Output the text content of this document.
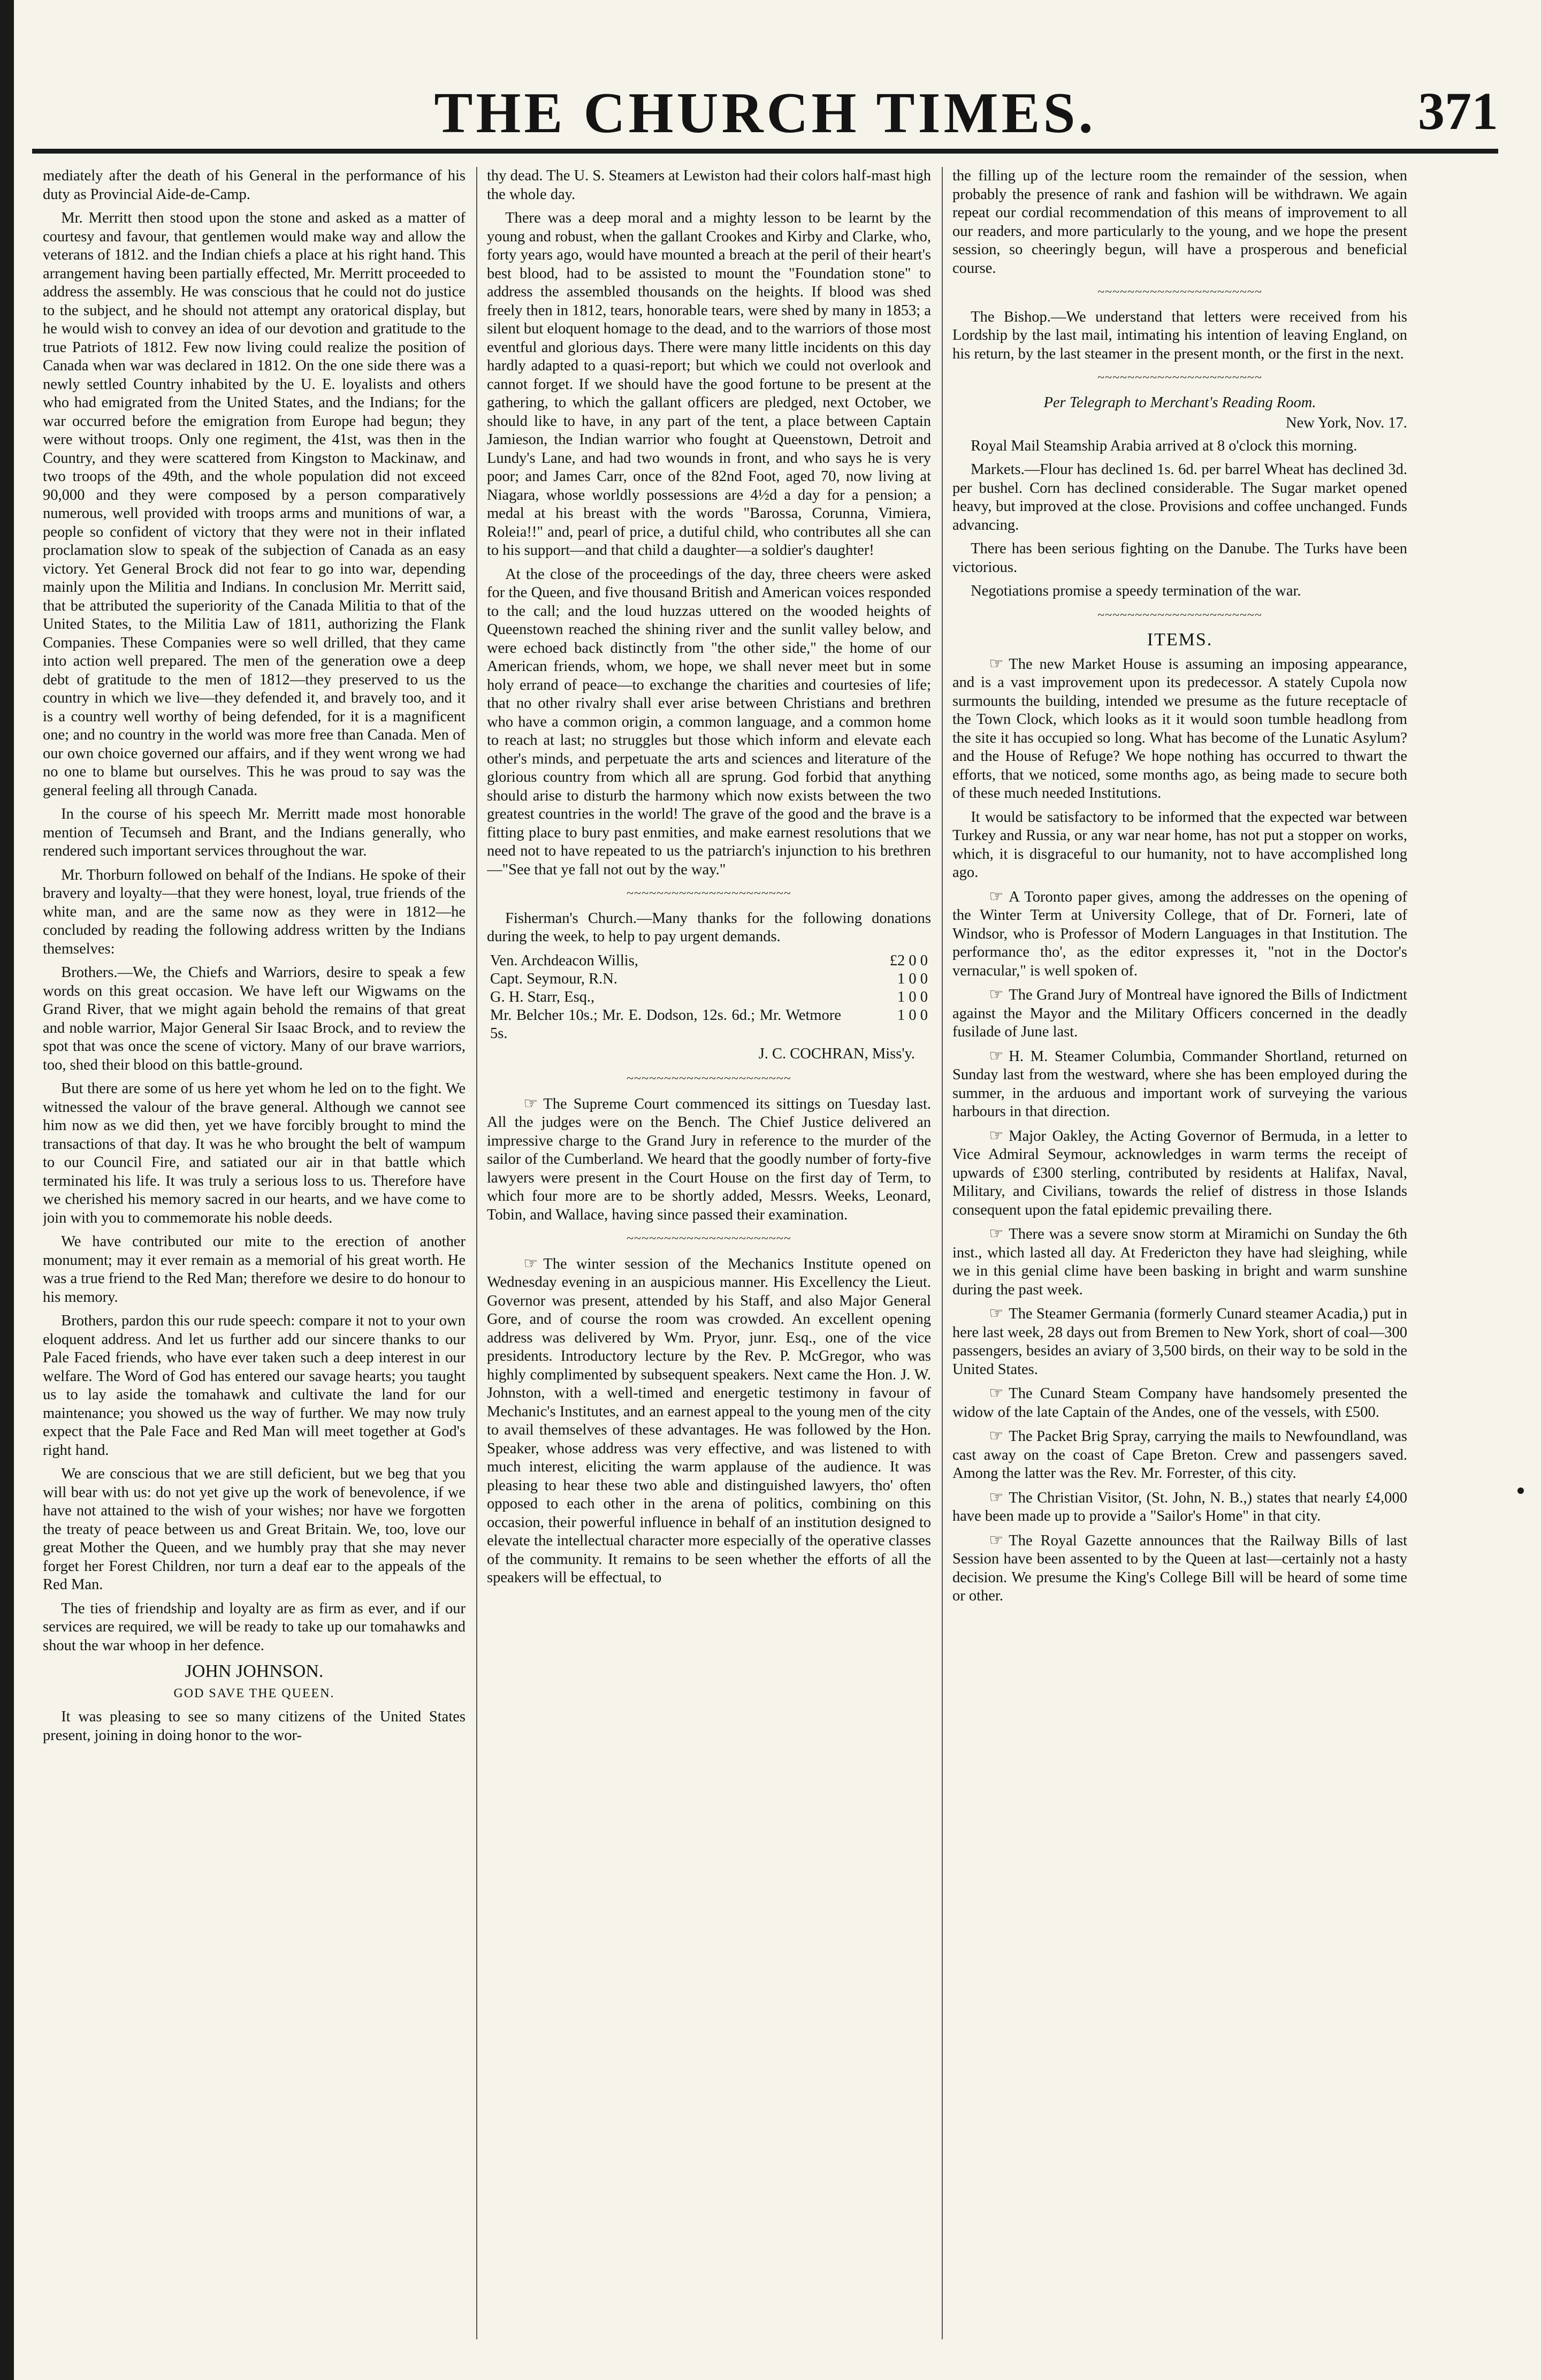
THE CHURCH TIMES.	371

mediately after the death of his General in the performance of his duty as Provincial Aide-de-Camp.

Mr. Merritt then stood upon the stone and asked as a matter of courtesy and favour, that gentlemen would make way and allow the veterans of 1812. and the Indian chiefs a place at his right hand. This arrangement having been partially effected, Mr. Merritt proceeded to address the assembly. He was conscious that he could not do justice to the subject, and he should not attempt any oratorical display, but he would wish to convey an idea of our devotion and gratitude to the true Patriots of 1812. Few now living could realize the position of Canada when war was declared in 1812. On the one side there was a newly settled Country inhabited by the U. E. loyalists and others who had emigrated from the United States, and the Indians; for the war occurred before the emigration from Europe had begun; they were without troops. Only one regiment, the 41st, was then in the Country, and they were scattered from Kingston to Mackinaw, and two troops of the 49th, and the whole population did not exceed 90,000 and they were composed by a person comparatively numerous, well provided with troops arms and munitions of war, a people so confident of victory that they were not in their inflated proclamation slow to speak of the subjection of Canada as an easy victory. Yet General Brock did not fear to go into war, depending mainly upon the Militia and Indians. In conclusion Mr. Merritt said, that be attributed the superiority of the Canada Militia to that of the United States, to the Militia Law of 1811, authorizing the Flank Companies. These Companies were so well drilled, that they came into action well prepared. The men of the generation owe a deep debt of gratitude to the men of 1812—they preserved to us the country in which we live—they defended it, and bravely too, and it is a country well worthy of being defended, for it is a magnificent one; and no country in the world was more free than Canada. Men of our own choice governed our affairs, and if they went wrong we had no one to blame but ourselves. This he was proud to say was the general feeling all through Canada.

In the course of his speech Mr. Merritt made most honorable mention of Tecumseh and Brant, and the Indians generally, who rendered such important services throughout the war.

Mr. Thorburn followed on behalf of the Indians. He spoke of their bravery and loyalty—that they were honest, loyal, true friends of the white man, and are the same now as they were in 1812—he concluded by reading the following address written by the Indians themselves:

Brothers.—We, the Chiefs and Warriors, desire to speak a few words on this great occasion. We have left our Wigwams on the Grand River, that we might again behold the remains of that great and noble warrior, Major General Sir Isaac Brock, and to review the spot that was once the scene of victory. Many of our brave warriors, too, shed their blood on this battle-ground.

But there are some of us here yet whom he led on to the fight. We witnessed the valour of the brave general. Although we cannot see him now as we did then, yet we have forcibly brought to mind the transactions of that day. It was he who brought the belt of wampum to our Council Fire, and satiated our air in that battle which terminated his life. It was truly a serious loss to us. Therefore have we cherished his memory sacred in our hearts, and we have come to join with you to commemorate his noble deeds.

We have contributed our mite to the erection of another monument; may it ever remain as a memorial of his great worth. He was a true friend to the Red Man; therefore we desire to do honour to his memory.

Brothers, pardon this our rude speech: compare it not to your own eloquent address. And let us further add our sincere thanks to our Pale Faced friends, who have ever taken such a deep interest in our welfare. The Word of God has entered our savage hearts; you taught us to lay aside the tomahawk and cultivate the land for our maintenance; you showed us the way of further. We may now truly expect that the Pale Face and Red Man will meet together at God's right hand.

We are conscious that we are still deficient, but we beg that you will bear with us: do not yet give up the work of benevolence, if we have not attained to the wish of your wishes; nor have we forgotten the treaty of peace between us and Great Britain. We, too, love our great Mother the Queen, and we humbly pray that she may never forget her Forest Children, nor turn a deaf ear to the appeals of the Red Man.

The ties of friendship and loyalty are as firm as ever, and if our services are required, we will be ready to take up our tomahawks and shout the war whoop in her defence.

JOHN JOHNSON.
GOD SAVE THE QUEEN.

It was pleasing to see so many citizens of the United States present, joining in doing honor to the wor-

thy dead. The U. S. Steamers at Lewiston had their colors half-mast high the whole day.

There was a deep moral and a mighty lesson to be learnt by the young and robust, when the gallant Crookes and Kirby and Clarke, who, forty years ago, would have mounted a breach at the peril of their heart's best blood, had to be assisted to mount the "Foundation stone" to address the assembled thousands on the heights. If blood was shed freely then in 1812, tears, honorable tears, were shed by many in 1853; a silent but eloquent homage to the dead, and to the warriors of those most eventful and glorious days. There were many little incidents on this day hardly adapted to a quasi-report; but which we could not overlook and cannot forget. If we should have the good fortune to be present at the gathering, to which the gallant officers are pledged, next October, we should like to have, in any part of the tent, a place between Captain Jamieson, the Indian warrior who fought at Queenstown, Detroit and Lundy's Lane, and had two wounds in front, and who says he is very poor; and James Carr, once of the 82nd Foot, aged 70, now living at Niagara, whose worldly possessions are 4½d a day for a pension; a medal at his breast with the words "Barossa, Corunna, Vimiera, Roleia!!" and, pearl of price, a dutiful child, who contributes all she can to his support—and that child a daughter—a soldier's daughter!

At the close of the proceedings of the day, three cheers were asked for the Queen, and five thousand British and American voices responded to the call; and the loud huzzas uttered on the wooded heights of Queenstown reached the shining river and the sunlit valley below, and were echoed back distinctly from "the other side," the home of our American friends, whom, we hope, we shall never meet but in some holy errand of peace—to exchange the charities and courtesies of life; that no other rivalry shall ever arise between Christians and brethren who have a common origin, a common language, and a common home to reach at last; no struggles but those which inform and elevate each other's minds, and perpetuate the arts and sciences and literature of the glorious country from which all are sprung. God forbid that anything should arise to disturb the harmony which now exists between the two greatest countries in the world! The grave of the good and the brave is a fitting place to bury past enmities, and make earnest resolutions that we need not to have repeated to us the patriarch's injunction to his brethren—"See that ye fall not out by the way."

~~~~~~~~~~~~~~~~~~~~~~

Fisherman's Church.—Many thanks for the following donations during the week, to help to pay urgent demands.

Ven. Archdeacon Willis,	£2 0 0
Capt. Seymour, R.N.	1 0 0
G. H. Starr, Esq.,	1 0 0
Mr. Belcher 10s.; Mr. E. Dodson, 12s. 6d.; Mr. Wetmore 5s.	1 0 0
J. C. COCHRAN, Miss'y.
~~~~~~~~~~~~~~~~~~~~~~

☞ The Supreme Court commenced its sittings on Tuesday last. All the judges were on the Bench. The Chief Justice delivered an impressive charge to the Grand Jury in reference to the murder of the sailor of the Cumberland. We heard that the goodly number of forty-five lawyers were present in the Court House on the first day of Term, to which four more are to be shortly added, Messrs. Weeks, Leonard, Tobin, and Wallace, having since passed their examination.

~~~~~~~~~~~~~~~~~~~~~~

☞ The winter session of the Mechanics Institute opened on Wednesday evening in an auspicious manner. His Excellency the Lieut. Governor was present, attended by his Staff, and also Major General Gore, and of course the room was crowded. An excellent opening address was delivered by Wm. Pryor, junr. Esq., one of the vice presidents. Introductory lecture by the Rev. P. McGregor, who was highly complimented by subsequent speakers. Next came the Hon. J. W. Johnston, with a well-timed and energetic testimony in favour of Mechanic's Institutes, and an earnest appeal to the young men of the city to avail themselves of these advantages. He was followed by the Hon. Speaker, whose address was very effective, and was listened to with much interest, eliciting the warm applause of the audience. It was pleasing to hear these two able and distinguished lawyers, tho' often opposed to each other in the arena of politics, combining on this occasion, their powerful influence in behalf of an institution designed to elevate the intellectual character more especially of the operative classes of the community. It remains to be seen whether the efforts of all the speakers will be effectual, to

the filling up of the lecture room the remainder of the session, when probably the presence of rank and fashion will be withdrawn. We again repeat our cordial recommendation of this means of improvement to all our readers, and more particularly to the young, and we hope the present session, so cheeringly begun, will have a prosperous and beneficial course.

~~~~~~~~~~~~~~~~~~~~~~

The Bishop.—We understand that letters were received from his Lordship by the last mail, intimating his intention of leaving England, on his return, by the last steamer in the present month, or the first in the next.

~~~~~~~~~~~~~~~~~~~~~~
Per Telegraph to Merchant's Reading Room.
New York, Nov. 17.

Royal Mail Steamship Arabia arrived at 8 o'clock this morning.

Markets.—Flour has declined 1s. 6d. per barrel Wheat has declined 3d. per bushel. Corn has declined considerable. The Sugar market opened heavy, but improved at the close. Provisions and coffee unchanged. Funds advancing.

There has been serious fighting on the Danube. The Turks have been victorious.

Negotiations promise a speedy termination of the war.

~~~~~~~~~~~~~~~~~~~~~~
ITEMS.

☞ The new Market House is assuming an imposing appearance, and is a vast improvement upon its predecessor. A stately Cupola now surmounts the building, intended we presume as the future receptacle of the Town Clock, which looks as it it would soon tumble headlong from the site it has occupied so long. What has become of the Lunatic Asylum? and the House of Refuge? We hope nothing has occurred to thwart the efforts, that we noticed, some months ago, as being made to secure both of these much needed Institutions.

It would be satisfactory to be informed that the expected war between Turkey and Russia, or any war near home, has not put a stopper on works, which, it is disgraceful to our humanity, not to have accomplished long ago.

☞ A Toronto paper gives, among the addresses on the opening of the Winter Term at University College, that of Dr. Forneri, late of Windsor, who is Professor of Modern Languages in that Institution. The performance tho', as the editor expresses it, "not in the Doctor's vernacular," is well spoken of.

☞ The Grand Jury of Montreal have ignored the Bills of Indictment against the Mayor and the Military Officers concerned in the deadly fusilade of June last.

☞ H. M. Steamer Columbia, Commander Shortland, returned on Sunday last from the westward, where she has been employed during the summer, in the arduous and important work of surveying the various harbours in that direction.

☞ Major Oakley, the Acting Governor of Bermuda, in a letter to Vice Admiral Seymour, acknowledges in warm terms the receipt of upwards of £300 sterling, contributed by residents at Halifax, Naval, Military, and Civilians, towards the relief of distress in those Islands consequent upon the fatal epidemic prevailing there.

☞ There was a severe snow storm at Miramichi on Sunday the 6th inst., which lasted all day. At Fredericton they have had sleighing, while we in this genial clime have been basking in bright and warm sunshine during the past week.

☞ The Steamer Germania (formerly Cunard steamer Acadia,) put in here last week, 28 days out from Bremen to New York, short of coal—300 passengers, besides an aviary of 3,500 birds, on their way to be sold in the United States.

☞ The Cunard Steam Company have handsomely presented the widow of the late Captain of the Andes, one of the vessels, with £500.

☞ The Packet Brig Spray, carrying the mails to Newfoundland, was cast away on the coast of Cape Breton. Crew and passengers saved. Among the latter was the Rev. Mr. Forrester, of this city.

☞ The Christian Visitor, (St. John, N. B.,) states that nearly £4,000 have been made up to provide a "Sailor's Home" in that city.

☞ The Royal Gazette announces that the Railway Bills of last Session have been assented to by the Queen at last—certainly not a hasty decision. We presume the King's College Bill will be heard of some time or other.
